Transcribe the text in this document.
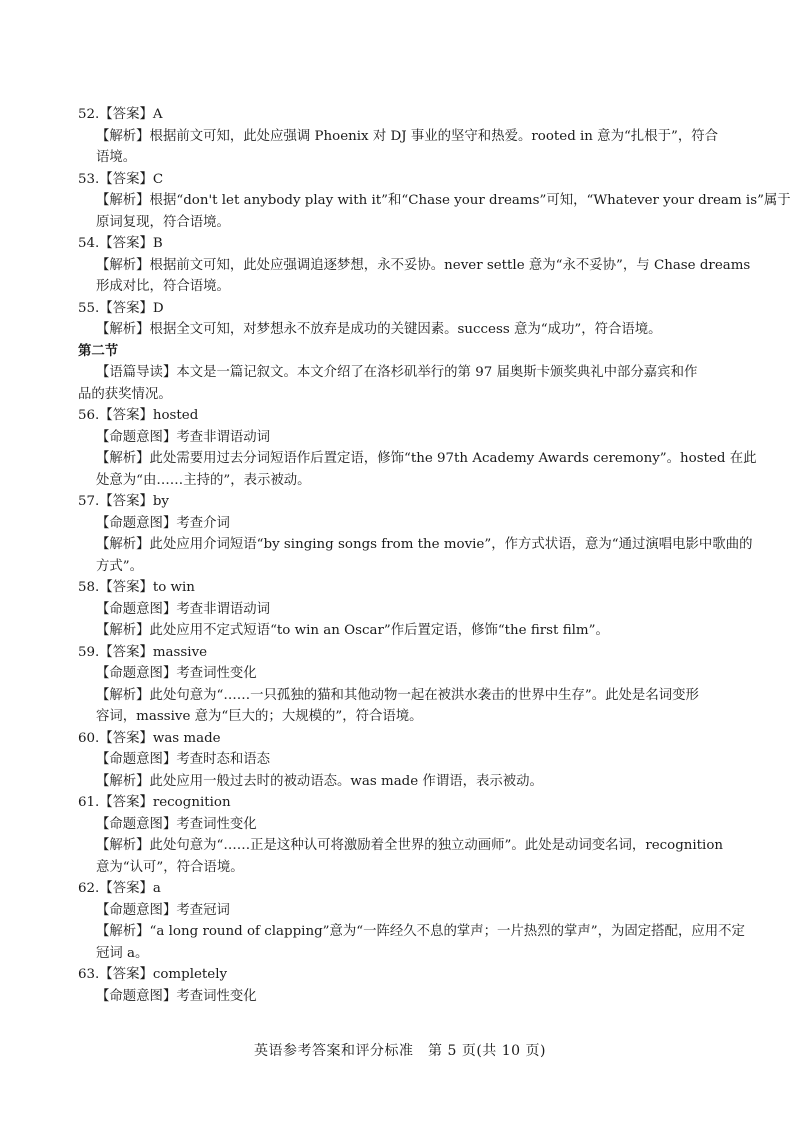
52.【答案】A
【解析】根据前文可知，此处应强调 Phoenix 对 DJ 事业的坚守和热爱。rooted in 意为“扎根于”，符合
语境。
53.【答案】C
【解析】根据“don't let anybody play with it”和“Chase your dreams”可知，“Whatever your dream is”属于
原词复现，符合语境。
54.【答案】B
【解析】根据前文可知，此处应强调追逐梦想，永不妥协。never settle 意为“永不妥协”，与 Chase dreams
形成对比，符合语境。
55.【答案】D
【解析】根据全文可知，对梦想永不放弃是成功的关键因素。success 意为“成功”，符合语境。
第二节
【语篇导读】本文是一篇记叙文。本文介绍了在洛杉矶举行的第 97 届奥斯卡颁奖典礼中部分嘉宾和作
品的获奖情况。
56.【答案】hosted
【命题意图】考查非谓语动词
【解析】此处需要用过去分词短语作后置定语，修饰“the 97th Academy Awards ceremony”。hosted 在此
处意为“由……主持的”，表示被动。
57.【答案】by
【命题意图】考查介词
【解析】此处应用介词短语“by singing songs from the movie”，作方式状语，意为“通过演唱电影中歌曲的
方式”。
58.【答案】to win
【命题意图】考查非谓语动词
【解析】此处应用不定式短语“to win an Oscar”作后置定语，修饰“the first film”。
59.【答案】massive
【命题意图】考查词性变化
【解析】此处句意为“……一只孤独的猫和其他动物一起在被洪水袭击的世界中生存”。此处是名词变形
容词，massive 意为“巨大的；大规模的”，符合语境。
60.【答案】was made
【命题意图】考查时态和语态
【解析】此处应用一般过去时的被动语态。was made 作谓语，表示被动。
61.【答案】recognition
【命题意图】考查词性变化
【解析】此处句意为“……正是这种认可将激励着全世界的独立动画师”。此处是动词变名词，recognition
意为“认可”，符合语境。
62.【答案】a
【命题意图】考查冠词
【解析】“a long round of clapping”意为“一阵经久不息的掌声；一片热烈的掌声”，为固定搭配，应用不定
冠词 a。
63.【答案】completely
【命题意图】考查词性变化
英语参考答案和评分标准　第 5 页(共 10 页)
